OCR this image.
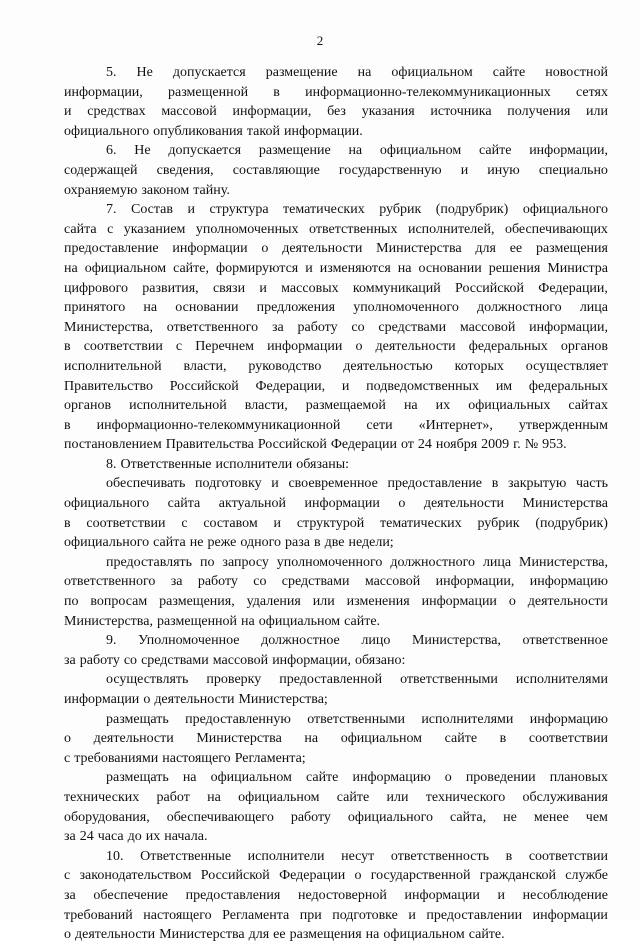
2
5. Не допускается размещение на официальном сайте новостной
информации, размещенной в информационно-телекоммуникационных сетях
и средствах массовой информации, без указания источника получения или
официального опубликования такой информации.
6. Не допускается размещение на официальном сайте информации,
содержащей сведения, составляющие государственную и иную специально
охраняемую законом тайну.
7. Состав и структура тематических рубрик (подрубрик) официального
сайта с указанием уполномоченных ответственных исполнителей, обеспечивающих
предоставление информации о деятельности Министерства для ее размещения
на официальном сайте, формируются и изменяются на основании решения Министра
цифрового развития, связи и массовых коммуникаций Российской Федерации,
принятого на основании предложения уполномоченного должностного лица
Министерства, ответственного за работу со средствами массовой информации,
в соответствии с Перечнем информации о деятельности федеральных органов
исполнительной власти, руководство деятельностью которых осуществляет
Правительство Российской Федерации, и подведомственных им федеральных
органов исполнительной власти, размещаемой на их официальных сайтах
в информационно-телекоммуникационной сети «Интернет», утвержденным
постановлением Правительства Российской Федерации от 24 ноября 2009 г. № 953.
8. Ответственные исполнители обязаны:
обеспечивать подготовку и своевременное предоставление в закрытую часть
официального сайта актуальной информации о деятельности Министерства
в соответствии с составом и структурой тематических рубрик (подрубрик)
официального сайта не реже одного раза в две недели;
предоставлять по запросу уполномоченного должностного лица Министерства,
ответственного за работу со средствами массовой информации, информацию
по вопросам размещения, удаления или изменения информации о деятельности
Министерства, размещенной на официальном сайте.
9. Уполномоченное должностное лицо Министерства, ответственное
за работу со средствами массовой информации, обязано:
осуществлять проверку предоставленной ответственными исполнителями
информации о деятельности Министерства;
размещать предоставленную ответственными исполнителями информацию
о деятельности Министерства на официальном сайте в соответствии
с требованиями настоящего Регламента;
размещать на официальном сайте информацию о проведении плановых
технических работ на официальном сайте или технического обслуживания
оборудования, обеспечивающего работу официального сайта, не менее чем
за 24 часа до их начала.
10. Ответственные исполнители несут ответственность в соответствии
с законодательством Российской Федерации о государственной гражданской службе
за обеспечение предоставления недостоверной информации и несоблюдение
требований настоящего Регламента при подготовке и предоставлении информации
о деятельности Министерства для ее размещения на официальном сайте.
